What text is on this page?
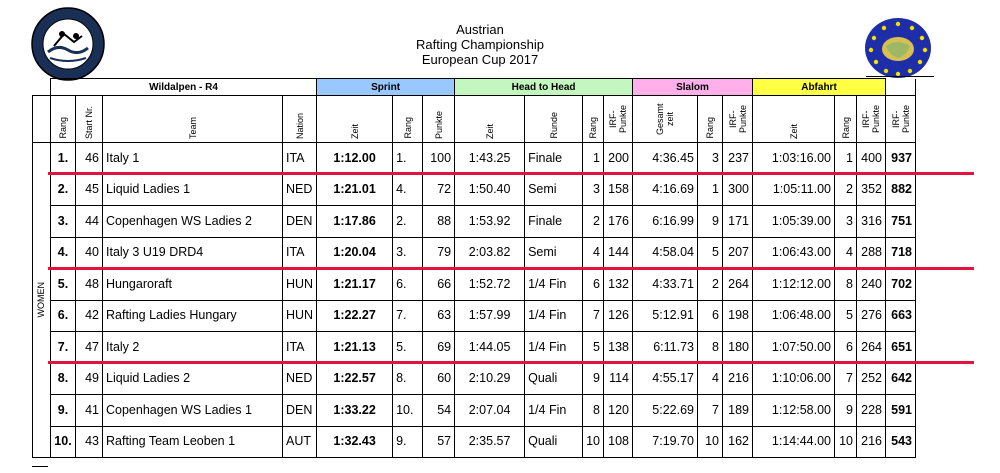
Austrian
Rafting Championship
European Cup 2017
	Wildalpen - R4				Sprint			Head to Head				Slalom			Abfahrt			

	Rang	Start Nr.	Team	Nation	Zeit	Rang	Punkte	Zeit	Runde	Rang	IRF-Punkte	Gesamt zeit	Rang	IRF-Punkte	Zeit	Rang	IRF-Punkte	IRF-Punkte

WOMEN	1.	46	Italy 1	ITA	1:12.00	1.	100	1:43.25	Finale	1	200	4:36.45	3	237	1:03:16.00	1	400	937
	2.	45	Liquid Ladies 1	NED	1:21.01	4.	72	1:50.40	Semi	3	158	4:16.69	1	300	1:05:11.00	2	352	882
	3.	44	Copenhagen WS Ladies 2	DEN	1:17.86	2.	88	1:53.92	Finale	2	176	6:16.99	9	171	1:05:39.00	3	316	751
	4.	40	Italy 3 U19 DRD4	ITA	1:20.04	3.	79	2:03.82	Semi	4	144	4:58.04	5	207	1:06:43.00	4	288	718
	5.	48	Hungaroraft	HUN	1:21.17	6.	66	1:52.72	1/4 Fin	6	132	4:33.71	2	264	1:12:12.00	8	240	702
	6.	42	Rafting Ladies Hungary	HUN	1:22.27	7.	63	1:57.99	1/4 Fin	7	126	5:12.91	6	198	1:06:48.00	5	276	663
	7.	47	Italy 2	ITA	1:21.13	5.	69	1:44.05	1/4 Fin	5	138	6:11.73	8	180	1:07:50.00	6	264	651
	8.	49	Liquid Ladies 2	NED	1:22.57	8.	60	2:10.29	Quali	9	114	4:55.17	4	216	1:10:06.00	7	252	642
	9.	41	Copenhagen WS Ladies 1	DEN	1:33.22	10.	54	2:07.04	1/4 Fin	8	120	5:22.69	7	189	1:12:58.00	9	228	591
	10.	43	Rafting Team Leoben 1	AUT	1:32.43	9.	57	2:35.57	Quali	10	108	7:19.70	10	162	1:14:44.00	10	216	543
